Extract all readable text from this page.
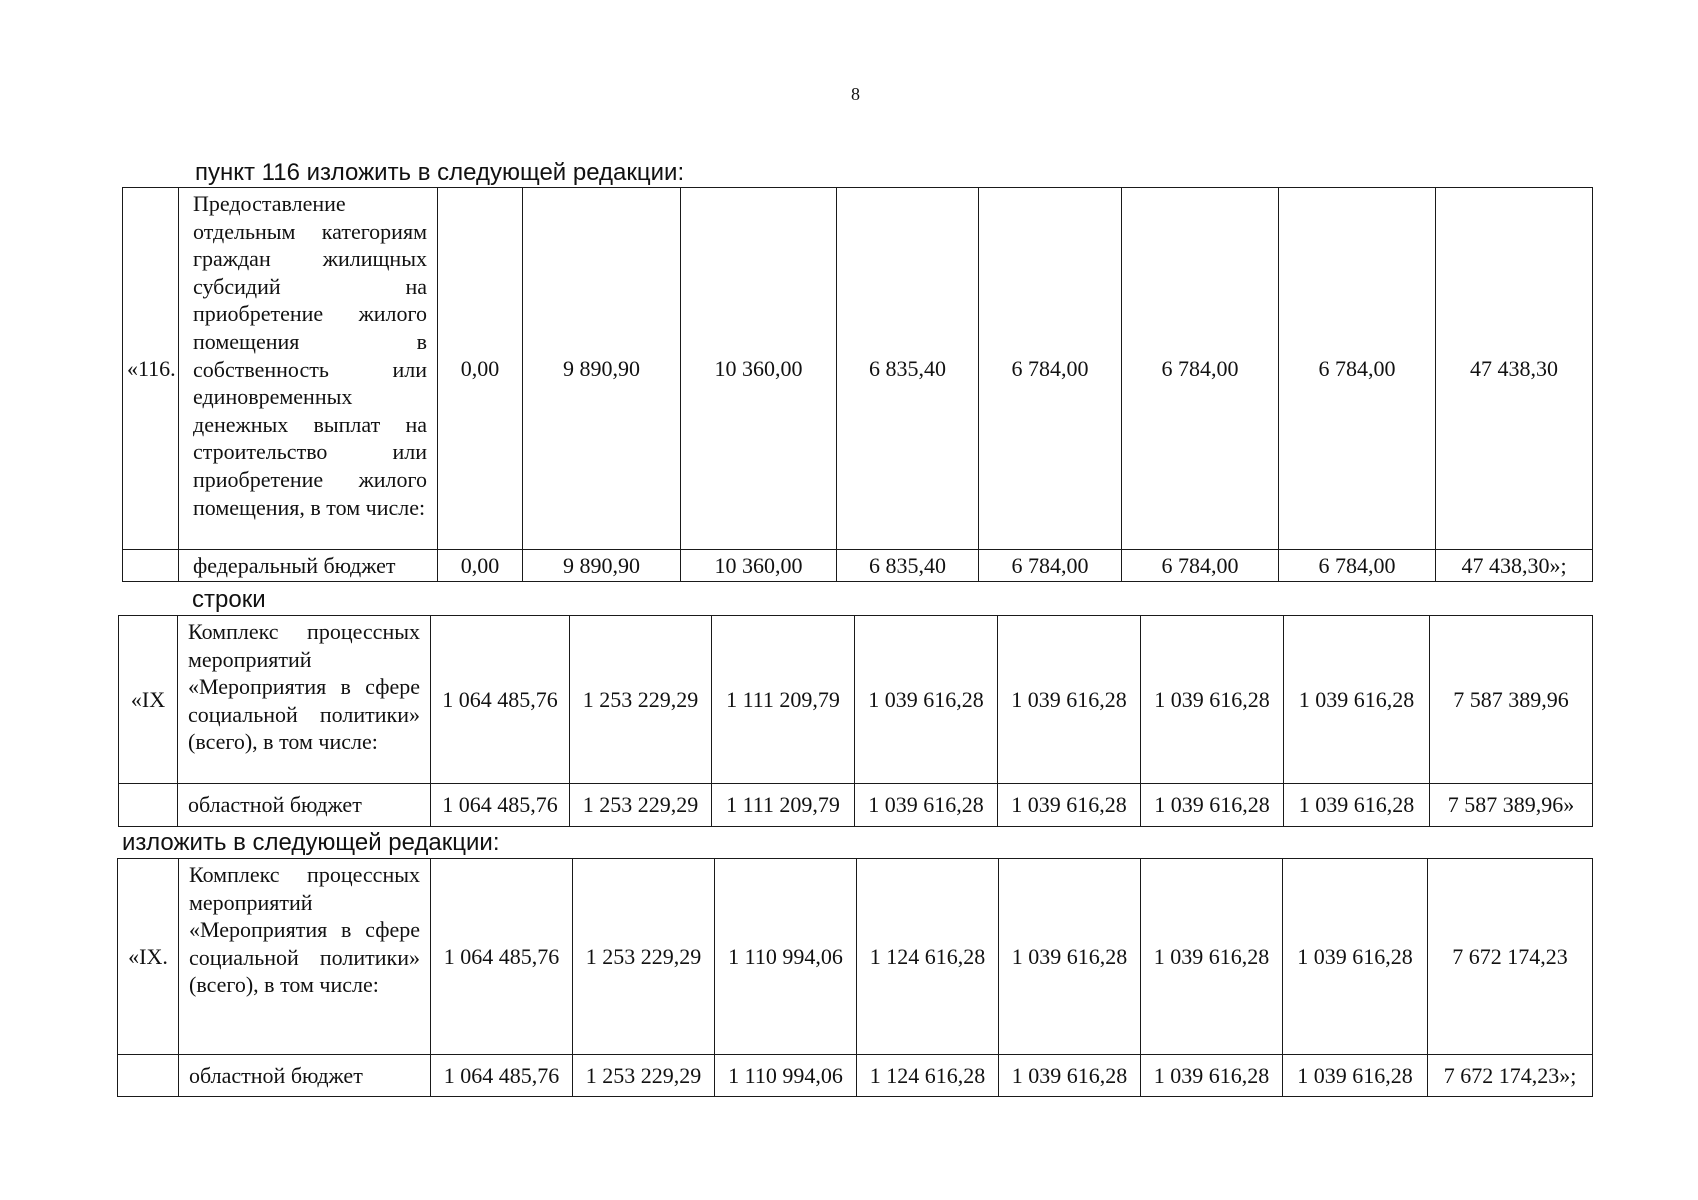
8
пункт 116 изложить в следующей редакции:
«116.	Предоставление отдельным категориям граждан жилищных субсидий на приобретение жилого помещения в собственность или единовременных денежных выплат на строительство или приобретение жилого помещения, в том числе:	0,00	9 890,90	10 360,00	6 835,40	6 784,00	6 784,00	6 784,00	47 438,30
	федеральный бюджет	0,00	9 890,90	10 360,00	6 835,40	6 784,00	6 784,00	6 784,00	47 438,30»;
строки
«IX	Комплекс процессных мероприятий «Мероприятия в сфере социальной политики» (всего), в том числе:	1 064 485,76	1 253 229,29	1 111 209,79	1 039 616,28	1 039 616,28	1 039 616,28	1 039 616,28	7 587 389,96
	областной бюджет	1 064 485,76	1 253 229,29	1 111 209,79	1 039 616,28	1 039 616,28	1 039 616,28	1 039 616,28	7 587 389,96»
изложить в следующей редакции:
«IX.	Комплекс процессных мероприятий «Мероприятия в сфере социальной политики» (всего), в том числе:	1 064 485,76	1 253 229,29	1 110 994,06	1 124 616,28	1 039 616,28	1 039 616,28	1 039 616,28	7 672 174,23
	областной бюджет	1 064 485,76	1 253 229,29	1 110 994,06	1 124 616,28	1 039 616,28	1 039 616,28	1 039 616,28	7 672 174,23»;
